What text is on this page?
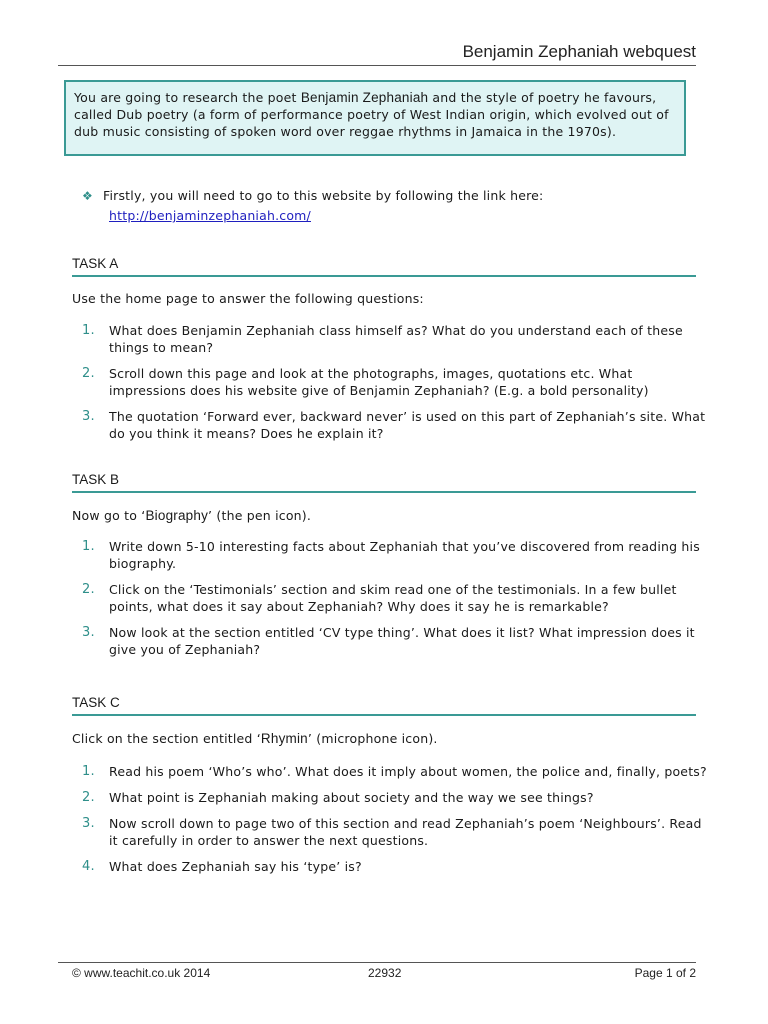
Benjamin Zephaniah webquest
You are going to research the poet Benjamin Zephaniah and the style of poetry he favours, called Dub poetry (a form of performance poetry of West Indian origin, which evolved out of dub music consisting of spoken word over reggae rhythms in Jamaica in the 1970s).
❖ Firstly, you will need to go to this website by following the link here:
http://benjaminzephaniah.com/
TASK A
Use the home page to answer the following questions:
1. What does Benjamin Zephaniah class himself as? What do you understand each of these things to mean?
2. Scroll down this page and look at the photographs, images, quotations etc. What impressions does his website give of Benjamin Zephaniah? (E.g. a bold personality)
3. The quotation ‘Forward ever, backward never’ is used on this part of Zephaniah’s site. What do you think it means? Does he explain it?
TASK B
Now go to ‘Biography’ (the pen icon).
1. Write down 5-10 interesting facts about Zephaniah that you’ve discovered from reading his biography.
2. Click on the ‘Testimonials’ section and skim read one of the testimonials. In a few bullet points, what does it say about Zephaniah? Why does it say he is remarkable?
3. Now look at the section entitled ‘CV type thing’. What does it list? What impression does it give you of Zephaniah?
TASK C
Click on the section entitled ‘Rhymin’ (microphone icon).
1. Read his poem ‘Who’s who’. What does it imply about women, the police and, finally, poets?
2. What point is Zephaniah making about society and the way we see things?
3. Now scroll down to page two of this section and read Zephaniah’s poem ‘Neighbours’. Read it carefully in order to answer the next questions.
4. What does Zephaniah say his ‘type’ is?
© www.teachit.co.uk 2014	22932	Page 1 of 2
